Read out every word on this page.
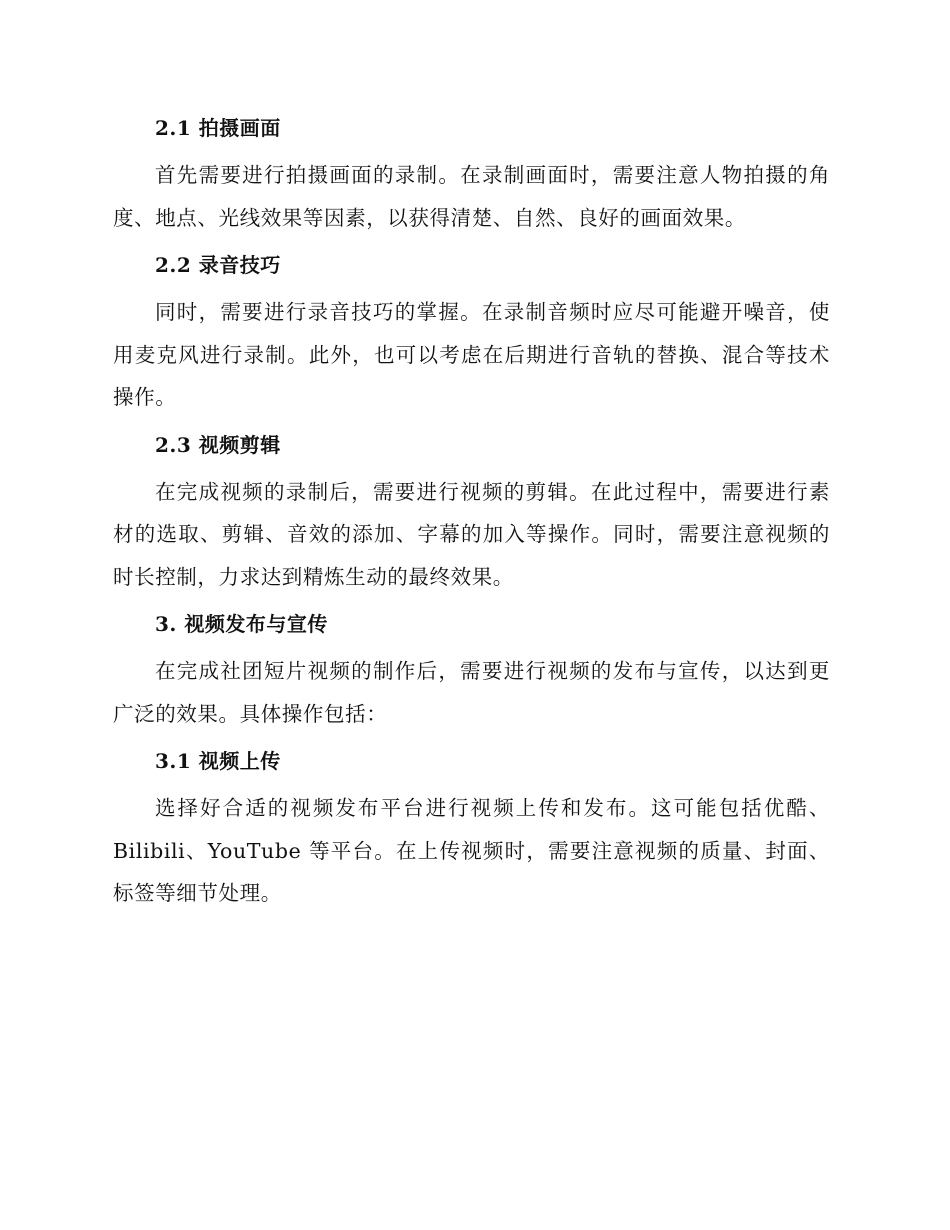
2.1 拍摄画面

首先需要进行拍摄画面的录制。在录制画面时，需要注意人物拍摄的角度、地点、光线效果等因素，以获得清楚、自然、良好的画面效果。

2.2 录音技巧

同时，需要进行录音技巧的掌握。在录制音频时应尽可能避开噪音，使用麦克风进行录制。此外，也可以考虑在后期进行音轨的替换、混合等技术操作。

2.3 视频剪辑

在完成视频的录制后，需要进行视频的剪辑。在此过程中，需要进行素材的选取、剪辑、音效的添加、字幕的加入等操作。同时，需要注意视频的时长控制，力求达到精炼生动的最终效果。

3. 视频发布与宣传

在完成社团短片视频的制作后，需要进行视频的发布与宣传，以达到更广泛的效果。具体操作包括：

3.1 视频上传

选择好合适的视频发布平台进行视频上传和发布。这可能包括优酷、Bilibili、YouTube 等平台。在上传视频时，需要注意视频的质量、封面、标签等细节处理。
